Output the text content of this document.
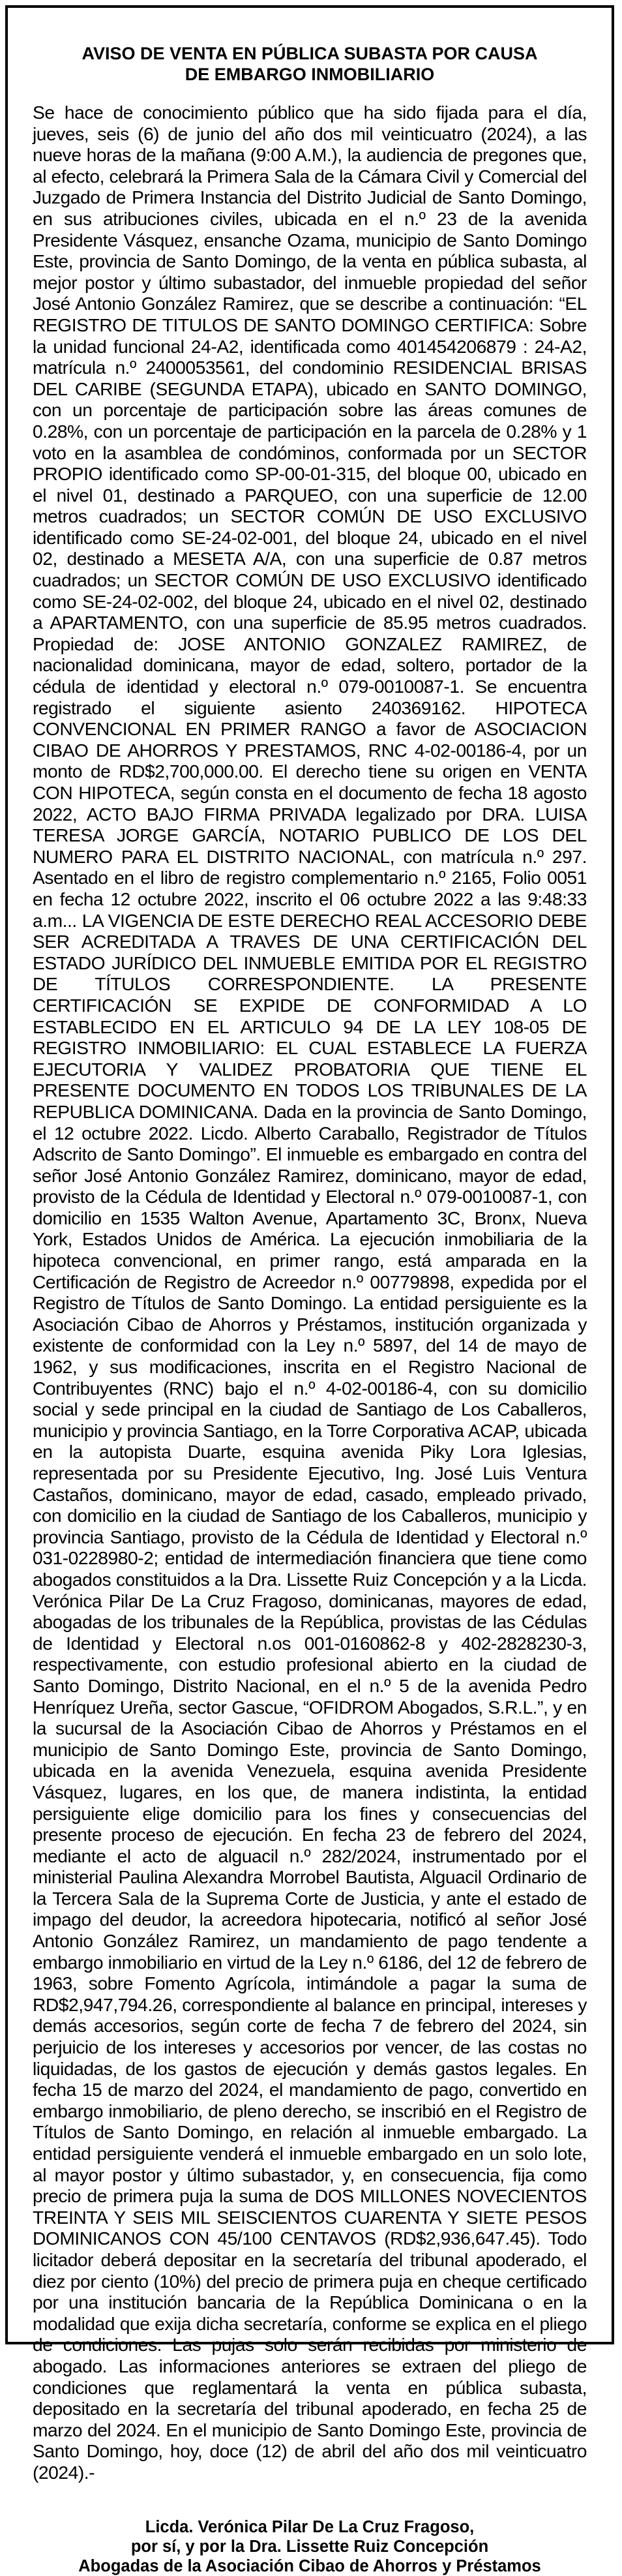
AVISO DE VENTA EN PÚBLICA SUBASTA POR CAUSA
DE EMBARGO INMOBILIARIO

Se hace de conocimiento público que ha sido fijada para el día, jueves, seis (6) de junio del año dos mil veinticuatro (2024), a las nueve horas de la mañana (9:00 A.M.), la audiencia de pregones que, al efecto, celebrará la Primera Sala de la Cámara Civil y Comercial del Juzgado de Primera Instancia del Distrito Judicial de Santo Domingo, en sus atribuciones civiles, ubicada en el n.º 23 de la avenida Presidente Vásquez, ensanche Ozama, municipio de Santo Domingo Este, provincia de Santo Domingo, de la venta en pública subasta, al mejor postor y último subastador, del inmueble propiedad del señor José Antonio González Ramirez, que se describe a continuación: “EL REGISTRO DE TITULOS DE SANTO DOMINGO CERTIFICA: Sobre la unidad funcional 24-A2, identificada como 401454206879 : 24-A2, matrícula n.º 2400053561, del condominio RESIDENCIAL BRISAS DEL CARIBE (SEGUNDA ETAPA), ubicado en SANTO DOMINGO, con un porcentaje de participación sobre las áreas comunes de 0.28%, con un porcentaje de participación en la parcela de 0.28% y 1 voto en la asamblea de condóminos, conformada por un SECTOR PROPIO identificado como SP-00-01-315, del bloque 00, ubicado en el nivel 01, destinado a PARQUEO, con una superficie de 12.00 metros cuadrados; un SECTOR COMÚN DE USO EXCLUSIVO identificado como SE-24-02-001, del bloque 24, ubicado en el nivel 02, destinado a MESETA A/A, con una superficie de 0.87 metros cuadrados; un SECTOR COMÚN DE USO EXCLUSIVO identificado como SE-24-02-002, del bloque 24, ubicado en el nivel 02, destinado a APARTAMENTO, con una superficie de 85.95 metros cuadrados. Propiedad de: JOSE ANTONIO GONZALEZ RAMIREZ, de nacionalidad dominicana, mayor de edad, soltero, portador de la cédula de identidad y electoral n.º 079-0010087-1. Se encuentra registrado el siguiente asiento 240369162. HIPOTECA CONVENCIONAL EN PRIMER RANGO a favor de ASOCIACION CIBAO DE AHORROS Y PRESTAMOS, RNC 4-02-00186-4, por un monto de RD$2,700,000.00. El derecho tiene su origen en VENTA CON HIPOTECA, según consta en el documento de fecha 18 agosto 2022, ACTO BAJO FIRMA PRIVADA legalizado por DRA. LUISA TERESA JORGE GARCÍA, NOTARIO PUBLICO DE LOS DEL NUMERO PARA EL DISTRITO NACIONAL, con matrícula n.º 297. Asentado en el libro de registro complementario n.º 2165, Folio 0051 en fecha 12 octubre 2022, inscrito el 06 octubre 2022 a las 9:48:33 a.m... LA VIGENCIA DE ESTE DERECHO REAL ACCESORIO DEBE SER ACREDITADA A TRAVES DE UNA CERTIFICACIÓN DEL ESTADO JURÍDICO DEL INMUEBLE EMITIDA POR EL REGISTRO DE TÍTULOS CORRESPONDIENTE. LA PRESENTE CERTIFICACIÓN SE EXPIDE DE CONFORMIDAD A LO ESTABLECIDO EN EL ARTICULO 94 DE LA LEY 108-05 DE REGISTRO INMOBILIARIO: EL CUAL ESTABLECE LA FUERZA EJECUTORIA Y VALIDEZ PROBATORIA QUE TIENE EL PRESENTE DOCUMENTO EN TODOS LOS TRIBUNALES DE LA REPUBLICA DOMINICANA. Dada en la provincia de Santo Domingo, el 12 octubre 2022. Licdo. Alberto Caraballo, Registrador de Títulos Adscrito de Santo Domingo”. El inmueble es embargado en contra del señor José Antonio González Ramirez, dominicano, mayor de edad, provisto de la Cédula de Identidad y Electoral n.º 079-0010087-1, con domicilio en 1535 Walton Avenue, Apartamento 3C, Bronx, Nueva York, Estados Unidos de América. La ejecución inmobiliaria de la hipoteca convencional, en primer rango, está amparada en la Certificación de Registro de Acreedor n.º 00779898, expedida por el Registro de Títulos de Santo Domingo. La entidad persiguiente es la Asociación Cibao de Ahorros y Préstamos, institución organizada y existente de conformidad con la Ley n.º 5897, del 14 de mayo de 1962, y sus modificaciones, inscrita en el Registro Nacional de Contribuyentes (RNC) bajo el n.º 4-02-00186-4, con su domicilio social y sede principal en la ciudad de Santiago de Los Caballeros, municipio y provincia Santiago, en la Torre Corporativa ACAP, ubicada en la autopista Duarte, esquina avenida Piky Lora Iglesias, representada por su Presidente Ejecutivo, Ing. José Luis Ventura Castaños, dominicano, mayor de edad, casado, empleado privado, con domicilio en la ciudad de Santiago de los Caballeros, municipio y provincia Santiago, provisto de la Cédula de Identidad y Electoral n.º 031-0228980-2; entidad de intermediación financiera que tiene como abogados constituidos a la Dra. Lissette Ruiz Concepción y a la Licda. Verónica Pilar De La Cruz Fragoso, dominicanas, mayores de edad, abogadas de los tribunales de la República, provistas de las Cédulas de Identidad y Electoral n.os 001-0160862-8 y 402-2828230-3, respectivamente, con estudio profesional abierto en la ciudad de Santo Domingo, Distrito Nacional, en el n.º 5 de la avenida Pedro Henríquez Ureña, sector Gascue, “OFIDROM Abogados, S.R.L.”, y en la sucursal de la Asociación Cibao de Ahorros y Préstamos en el municipio de Santo Domingo Este, provincia de Santo Domingo, ubicada en la avenida Venezuela, esquina avenida Presidente Vásquez, lugares, en los que, de manera indistinta, la entidad persiguiente elige domicilio para los fines y consecuencias del presente proceso de ejecución. En fecha 23 de febrero del 2024, mediante el acto de alguacil n.º 282/2024, instrumentado por el ministerial Paulina Alexandra Morrobel Bautista, Alguacil Ordinario de la Tercera Sala de la Suprema Corte de Justicia, y ante el estado de impago del deudor, la acreedora hipotecaria, notificó al señor José Antonio González Ramirez, un mandamiento de pago tendente a embargo inmobiliario en virtud de la Ley n.º 6186, del 12 de febrero de 1963, sobre Fomento Agrícola, intimándole a pagar la suma de RD$2,947,794.26, correspondiente al balance en principal, intereses y demás accesorios, según corte de fecha 7 de febrero del 2024, sin perjuicio de los intereses y accesorios por vencer, de las costas no liquidadas, de los gastos de ejecución y demás gastos legales. En fecha 15 de marzo del 2024, el mandamiento de pago, convertido en embargo inmobiliario, de pleno derecho, se inscribió en el Registro de Títulos de Santo Domingo, en relación al inmueble embargado. La entidad persiguiente venderá el inmueble embargado en un solo lote, al mayor postor y último subastador, y, en consecuencia, fija como precio de primera puja la suma de DOS MILLONES NOVECIENTOS TREINTA Y SEIS MIL SEISCIENTOS CUARENTA Y SIETE PESOS DOMINICANOS CON 45/100 CENTAVOS (RD$2,936,647.45). Todo licitador deberá depositar en la secretaría del tribunal apoderado, el diez por ciento (10%) del precio de primera puja en cheque certificado por una institución bancaria de la República Dominicana o en la modalidad que exija dicha secretaría, conforme se explica en el pliego de condiciones. Las pujas solo serán recibidas por ministerio de abogado. Las informaciones anteriores se extraen del pliego de condiciones que reglamentará la venta en pública subasta, depositado en la secretaría del tribunal apoderado, en fecha 25 de marzo del 2024. En el municipio de Santo Domingo Este, provincia de Santo Domingo, hoy, doce (12) de abril del año dos mil veinticuatro (2024).-

Licda. Verónica Pilar De La Cruz Fragoso,
por sí, y por la Dra. Lissette Ruiz Concepción
Abogadas de la Asociación Cibao de Ahorros y Préstamos
